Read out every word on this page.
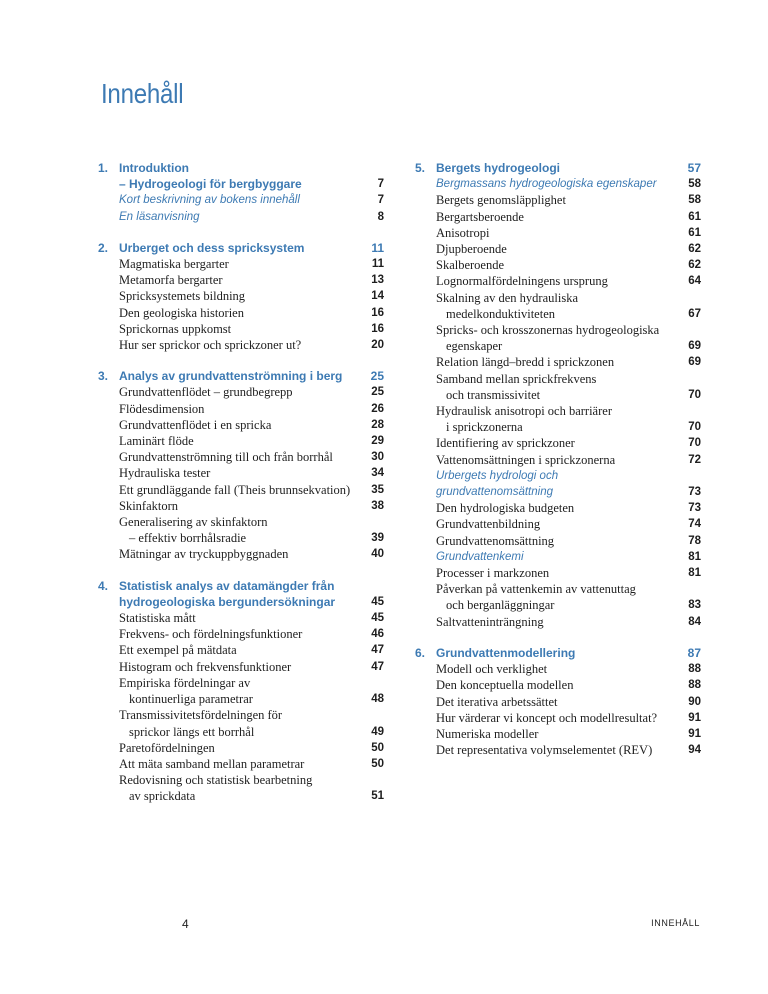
Innehåll
1. Introduktion
– Hydrogeologi för bergbyggare	7
Kort beskrivning av bokens innehåll	7
En läsanvisning	8
2. Urberget och dess spricksystem	11
Magmatiska bergarter	11
Metamorfa bergarter	13
Spricksystemets bildning	14
Den geologiska historien	16
Sprickornas uppkomst	16
Hur ser sprickor och sprickzoner ut?	20
3. Analys av grundvattenströmning i berg	25
Grundvattenflödet – grundbegrepp	25
Flödesdimension	26
Grundvattenflödet i en spricka	28
Laminärt flöde	29
Grundvattenströmning till och från borrhål	30
Hydrauliska tester	34
Ett grundläggande fall (Theis brunnsekvation)	35
Skinfaktorn	38
Generalisering av skinfaktorn
– effektiv borrhålsradie	39
Mätningar av tryckuppbyggnaden	40
4. Statistisk analys av datamängder från
hydrogeologiska bergundersökningar	45
Statistiska mått	45
Frekvens- och fördelningsfunktioner	46
Ett exempel på mätdata	47
Histogram och frekvensfunktioner	47
Empiriska fördelningar av
kontinuerliga parametrar	48
Transmissivitetsfördelningen för
sprickor längs ett borrhål	49
Paretofördelningen	50
Att mäta samband mellan parametrar	50
Redovisning och statistisk bearbetning
av sprickdata	51
5. Bergets hydrogeologi	57
Bergmassans hydrogeologiska egenskaper	58
Bergets genomsläpplighet	58
Bergartsberoende	61
Anisotropi	61
Djupberoende	62
Skalberoende	62
Lognormalfördelningens ursprung	64
Skalning av den hydrauliska
medelkonduktiviteten	67
Spricks- och krosszonernas hydrogeologiska
egenskaper	69
Relation längd–bredd i sprickzonen	69
Samband mellan sprickfrekvens
och transmissivitet	70
Hydraulisk anisotropi och barriärer
i sprickzonerna	70
Identifiering av sprickzoner	70
Vattenomsättningen i sprickzonerna	72
Urbergets hydrologi och
grundvattenomsättning	73
Den hydrologiska budgeten	73
Grundvattenbildning	74
Grundvattenomsättning	78
Grundvattenkemi	81
Processer i markzonen	81
Påverkan på vattenkemin av vattenuttag
och berganläggningar	83
Saltvatteninträngning	84
6. Grundvattenmodellering	87
Modell och verklighet	88
Den konceptuella modellen	88
Det iterativa arbetssättet	90
Hur värderar vi koncept och modellresultat?	91
Numeriska modeller	91
Det representativa volymselementet (REV)	94
4	INNEHÅLL
